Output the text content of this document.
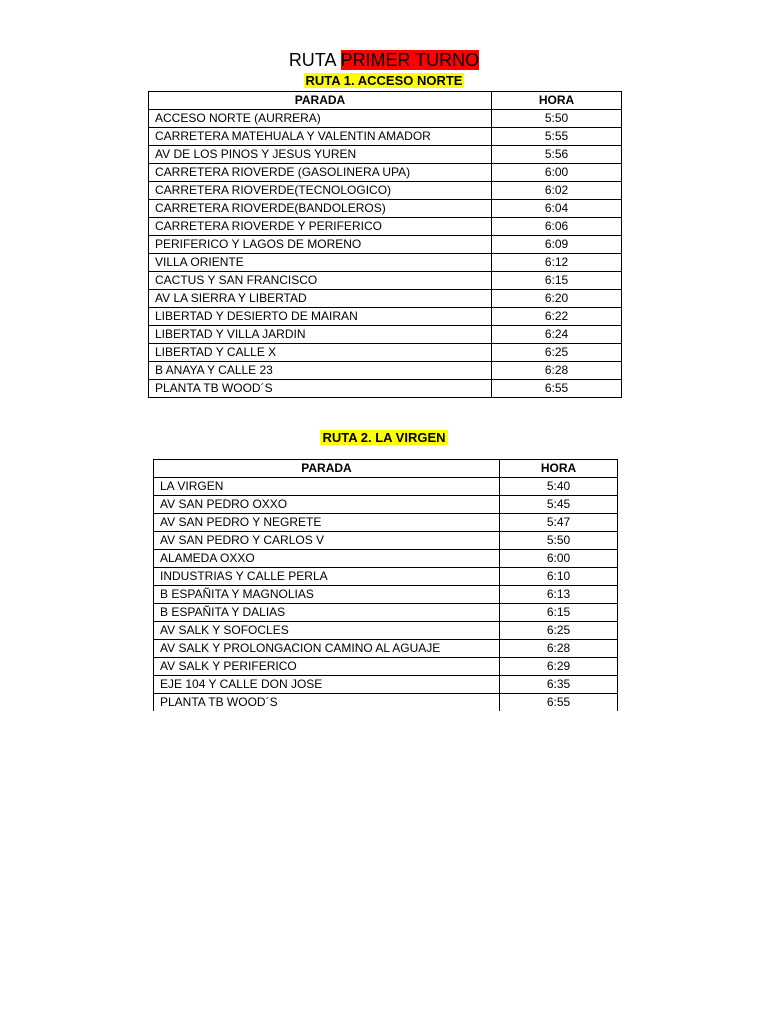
RUTA PRIMER TURNO
RUTA 1. ACCESO NORTE
PARADA	HORA
ACCESO NORTE (AURRERA)	5:50
CARRETERA MATEHUALA Y VALENTIN AMADOR	5:55
AV DE LOS PINOS Y JESUS YUREN	5:56
CARRETERA RIOVERDE (GASOLINERA UPA)	6:00
CARRETERA RIOVERDE(TECNOLOGICO)	6:02
CARRETERA RIOVERDE(BANDOLEROS)	6:04
CARRETERA RIOVERDE Y PERIFERICO	6:06
PERIFERICO Y LAGOS DE MORENO	6:09
VILLA ORIENTE	6:12
CACTUS Y SAN FRANCISCO	6:15
AV LA SIERRA Y LIBERTAD	6:20
LIBERTAD Y DESIERTO DE MAIRAN	6:22
LIBERTAD Y VILLA JARDIN	6:24
LIBERTAD Y CALLE X	6:25
B ANAYA Y CALLE 23	6:28
PLANTA TB WOOD´S	6:55
RUTA 2. LA VIRGEN
PARADA	HORA
LA VIRGEN	5:40
AV SAN PEDRO OXXO	5:45
AV SAN PEDRO Y NEGRETE	5:47
AV SAN PEDRO Y CARLOS V	5:50
ALAMEDA OXXO	6:00
INDUSTRIAS Y CALLE PERLA	6:10
B ESPAÑITA Y MAGNOLIAS	6:13
B ESPAÑITA Y DALIAS	6:15
AV SALK Y SOFOCLES	6:25
AV SALK Y PROLONGACION CAMINO AL AGUAJE	6:28
AV SALK Y PERIFERICO	6:29
EJE 104 Y CALLE DON JOSE	6:35
PLANTA TB WOOD´S	6:55
